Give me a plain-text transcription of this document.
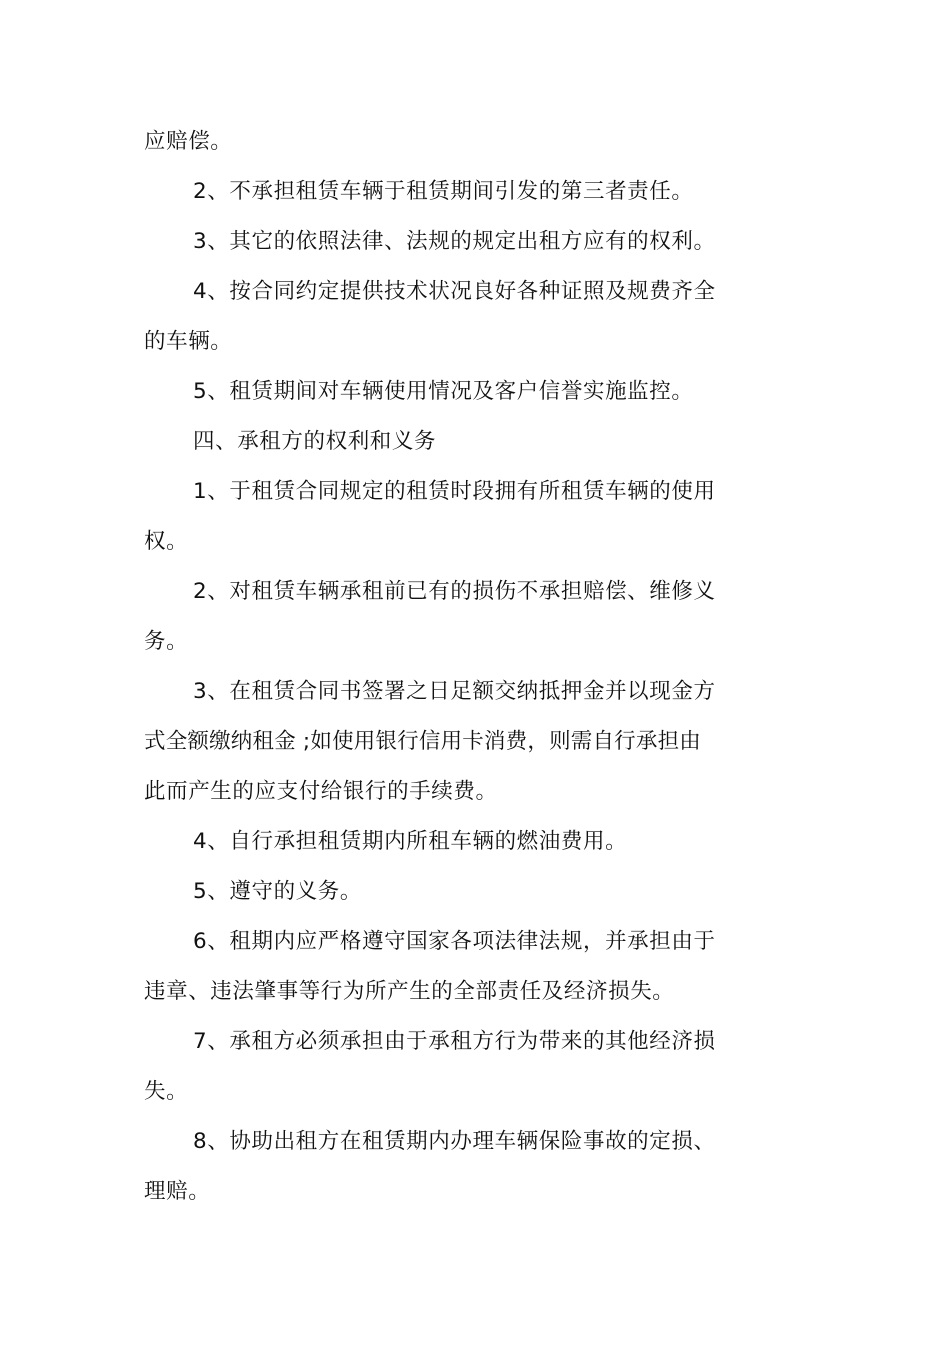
应赔偿。
2、不承担租赁车辆于租赁期间引发的第三者责任。
3、其它的依照法律、法规的规定出租方应有的权利。
4、按合同约定提供技术状况良好各种证照及规费齐全
的车辆。
5、租赁期间对车辆使用情况及客户信誉实施监控。
四、承租方的权利和义务
1、于租赁合同规定的租赁时段拥有所租赁车辆的使用
权。
2、对租赁车辆承租前已有的损伤不承担赔偿、维修义
务。
3、在租赁合同书签署之日足额交纳抵押金并以现金方
式全额缴纳租金 ;如使用银行信用卡消费，则需自行承担由
此而产生的应支付给银行的手续费。
4、自行承担租赁期内所租车辆的燃油费用。
5、遵守的义务。
6、租期内应严格遵守国家各项法律法规，并承担由于
违章、违法肇事等行为所产生的全部责任及经济损失。
7、承租方必须承担由于承租方行为带来的其他经济损
失。
8、协助出租方在租赁期内办理车辆保险事故的定损、
理赔。
